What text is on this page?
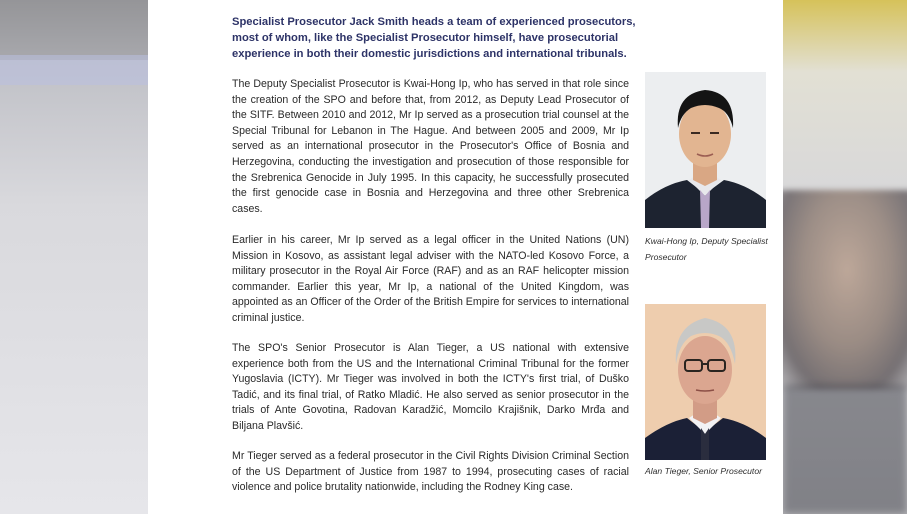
Specialist Prosecutor Jack Smith heads a team of experienced prosecutors, most of whom, like the Specialist Prosecutor himself, have prosecutorial experience in both their domestic jurisdictions and international tribunals.

The Deputy Specialist Prosecutor is Kwai-Hong Ip, who has served in that role since the creation of the SPO and before that, from 2012, as Deputy Lead Prosecutor of the SITF. Between 2010 and 2012, Mr Ip served as a prosecution trial counsel at the Special Tribunal for Lebanon in The Hague. And between 2005 and 2009, Mr Ip served as an international prosecutor in the Prosecutor's Office of Bosnia and Herzegovina, conducting the investigation and prosecution of those responsible for the Srebrenica Genocide in July 1995. In this capacity, he successfully prosecuted the first genocide case in Bosnia and Herzegovina and three other Srebrenica cases.

Earlier in his career, Mr Ip served as a legal officer in the United Nations (UN) Mission in Kosovo, as assistant legal adviser with the NATO-led Kosovo Force, a military prosecutor in the Royal Air Force (RAF) and as an RAF helicopter mission commander. Earlier this year, Mr Ip, a national of the United Kingdom, was appointed as an Officer of the Order of the British Empire for services to international criminal justice.

The SPO's Senior Prosecutor is Alan Tieger, a US national with extensive experience both from the US and the International Criminal Tribunal for the former Yugoslavia (ICTY). Mr Tieger was involved in both the ICTY's first trial, of Duško Tadić, and its final trial, of Ratko Mladić. He also served as senior prosecutor in the trials of Ante Govotina, Radovan Karadžić, Momcilo Krajišnik, Darko Mrđa and Biljana Plavšić.

Mr Tieger served as a federal prosecutor in the Civil Rights Division Criminal Section of the US Department of Justice from 1987 to 1994, prosecuting cases of racial violence and police brutality nationwide, including the Rodney King case.

Kwai-Hong Ip, Deputy Specialist Prosecutor

Alan Tieger, Senior Prosecutor
